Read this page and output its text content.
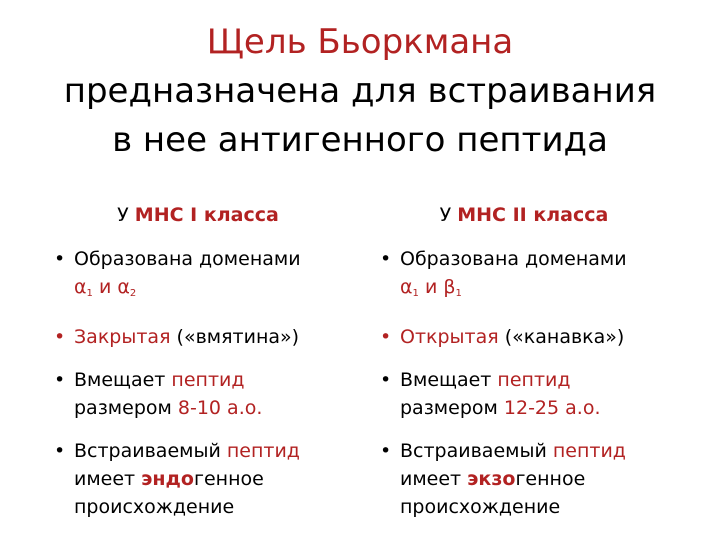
Щель Бьоркмана
предназначена для встраивания
в нее антигенного пептида
У MHC I класса
• Образована доменами
$\alpha_1$ и $\alpha_2$
• Закрытая («вмятина»)
• Вмещает пептид
размером 8-10 а.о.
• Встраиваемый пептид
имеет эндогенное
происхождение
У MHC II класса
• Образована доменами
$\alpha_1$ и $\beta_1$
• Открытая («канавка»)
• Вмещает пептид
размером 12-25 а.о.
• Встраиваемый пептид
имеет экзогенное
происхождение
